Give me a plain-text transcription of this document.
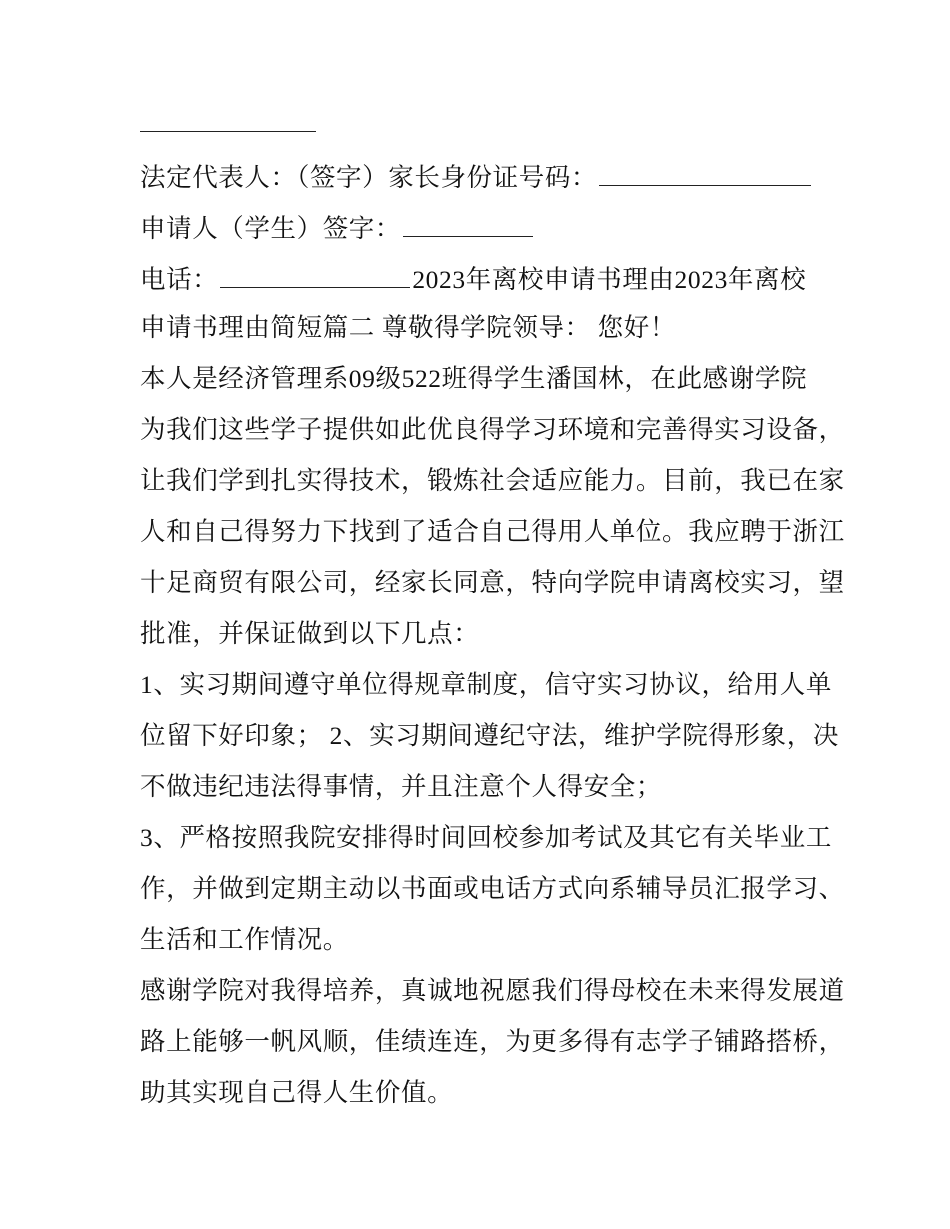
法定代表人：（签字）家长身份证号码：
申请人（学生）签字：
电话：	2023年离校申请书理由2023年离校
申请书理由简短篇二 尊敬得学院领导： 您好！
本人是经济管理系09级522班得学生潘国林，在此感谢学院
为我们这些学子提供如此优良得学习环境和完善得实习设备，
让我们学到扎实得技术，锻炼社会适应能力。目前，我已在家
人和自己得努力下找到了适合自己得用人单位。我应聘于浙江
十足商贸有限公司，经家长同意，特向学院申请离校实习，望
批准，并保证做到以下几点：
1、实习期间遵守单位得规章制度，信守实习协议，给用人单
位留下好印象； 2、实习期间遵纪守法，维护学院得形象，决
不做违纪违法得事情，并且注意个人得安全；
3、严格按照我院安排得时间回校参加考试及其它有关毕业工
作，并做到定期主动以书面或电话方式向系辅导员汇报学习、
生活和工作情况。
感谢学院对我得培养，真诚地祝愿我们得母校在未来得发展道
路上能够一帆风顺，佳绩连连，为更多得有志学子铺路搭桥，
助其实现自己得人生价值。
